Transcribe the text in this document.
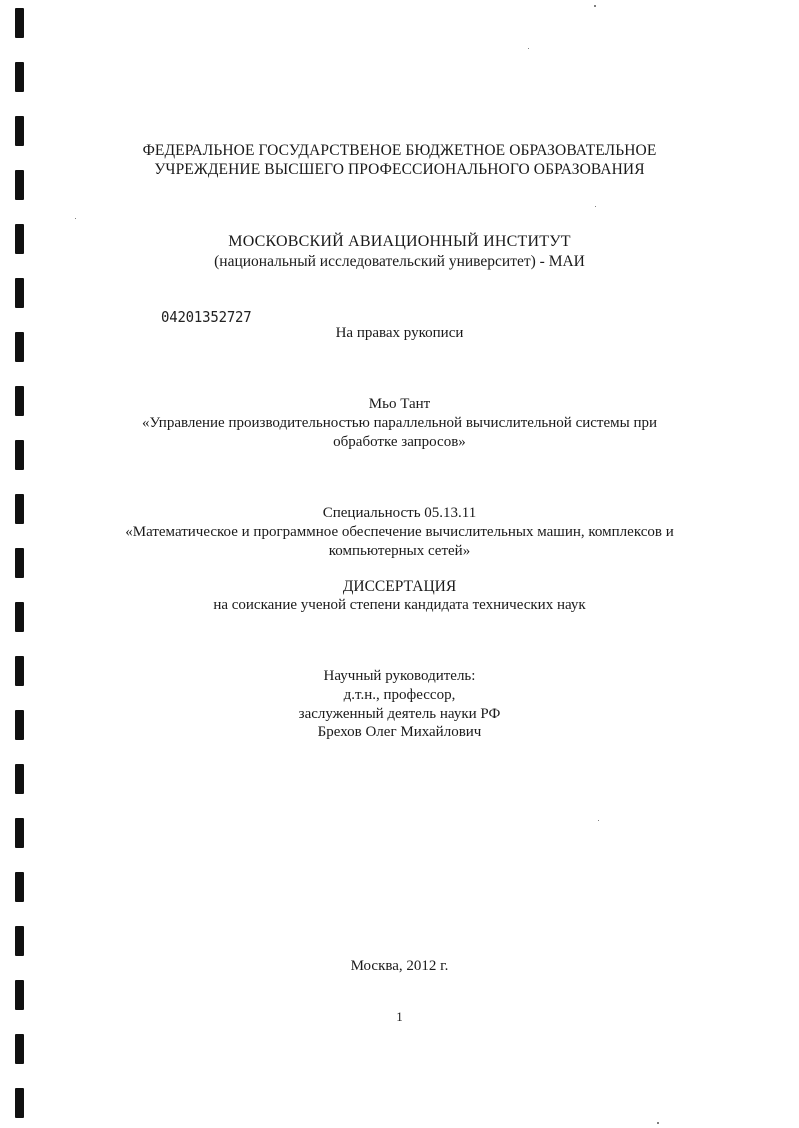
ФЕДЕРАЛЬНОЕ ГОСУДАРСТВЕНОЕ БЮДЖЕТНОЕ ОБРАЗОВАТЕЛЬНОЕ
УЧРЕЖДЕНИЕ ВЫСШЕГО ПРОФЕССИОНАЛЬНОГО ОБРАЗОВАНИЯ
МОСКОВСКИЙ АВИАЦИОННЫЙ ИНСТИТУТ
(национальный исследовательский университет) - МАИ
04201352727
На правах рукописи
Мьо Тант
«Управление производительностью параллельной вычислительной системы при
обработке запросов»
Специальность 05.13.11
«Математическое и программное обеспечение вычислительных машин, комплексов и
компьютерных сетей»
ДИССЕРТАЦИЯ
на соискание ученой степени кандидата технических наук
Научный руководитель:
д.т.н., профессор,
заслуженный деятель науки РФ
Брехов Олег Михайлович
Москва, 2012 г.
1
